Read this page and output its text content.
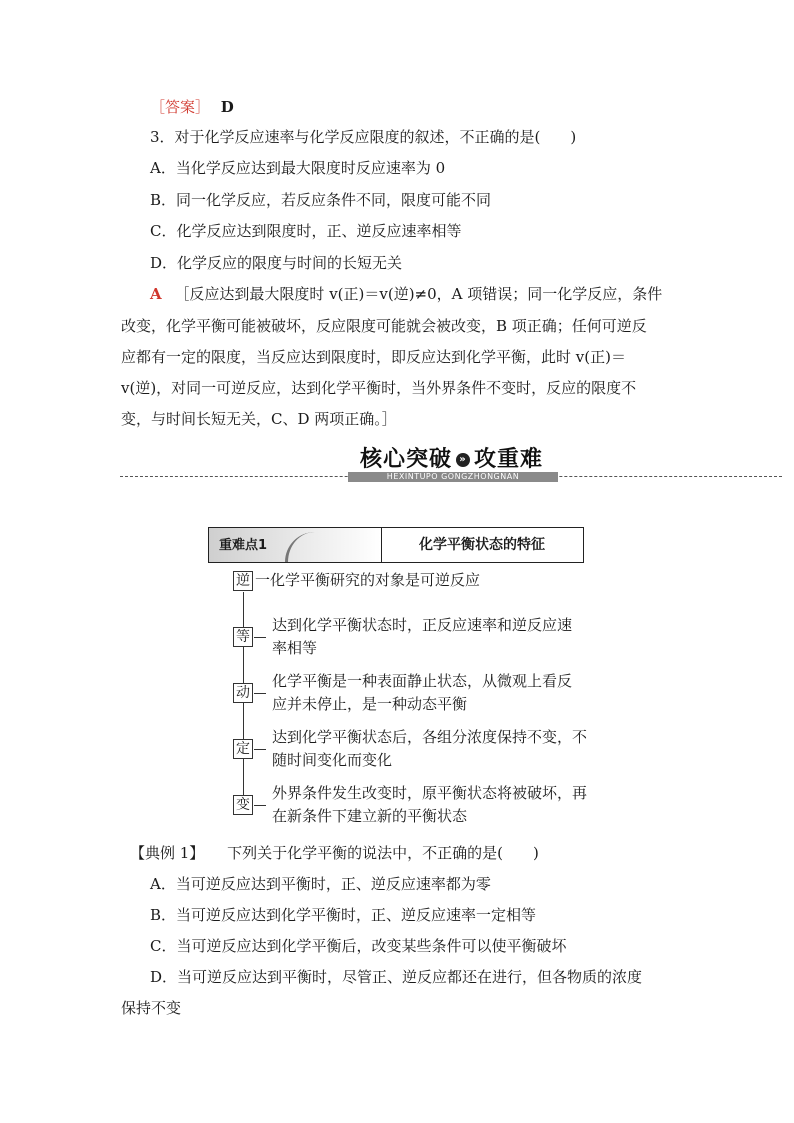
［答案］ D
3．对于化学反应速率与化学反应限度的叙述，不正确的是(　　)
A．当化学反应达到最大限度时反应速率为 0
B．同一化学反应，若反应条件不同，限度可能不同
C．化学反应达到限度时，正、逆反应速率相等
D．化学反应的限度与时间的长短无关
A ［反应达到最大限度时 v(正)＝v(逆)≠0，A 项错误；同一化学反应，条件
改变，化学平衡可能被破坏，反应限度可能就会被改变，B 项正确；任何可逆反
应都有一定的限度，当反应达到限度时，即反应达到化学平衡，此时 v(正)＝
v(逆)，对同一可逆反应，达到化学平衡时，当外界条件不变时，反应的限度不
变，与时间长短无关，C、D 两项正确。］
核心突破 » 攻重难
HEXINTUPO GONGZHONGNAN
重难点1	化学平衡状态的特征
逆 一化学平衡研究的对象是可逆反应
等
达到化学平衡状态时，正反应速率和逆反应速
率相等
动
化学平衡是一种表面静止状态，从微观上看反
应并未停止，是一种动态平衡
定
达到化学平衡状态后，各组分浓度保持不变，不
随时间变化而变化
变
外界条件发生改变时，原平衡状态将被破坏，再
在新条件下建立新的平衡状态
【典例 1】 下列关于化学平衡的说法中，不正确的是(　　)
A．当可逆反应达到平衡时，正、逆反应速率都为零
B．当可逆反应达到化学平衡时，正、逆反应速率一定相等
C．当可逆反应达到化学平衡后，改变某些条件可以使平衡破坏
D．当可逆反应达到平衡时，尽管正、逆反应都还在进行，但各物质的浓度
保持不变
